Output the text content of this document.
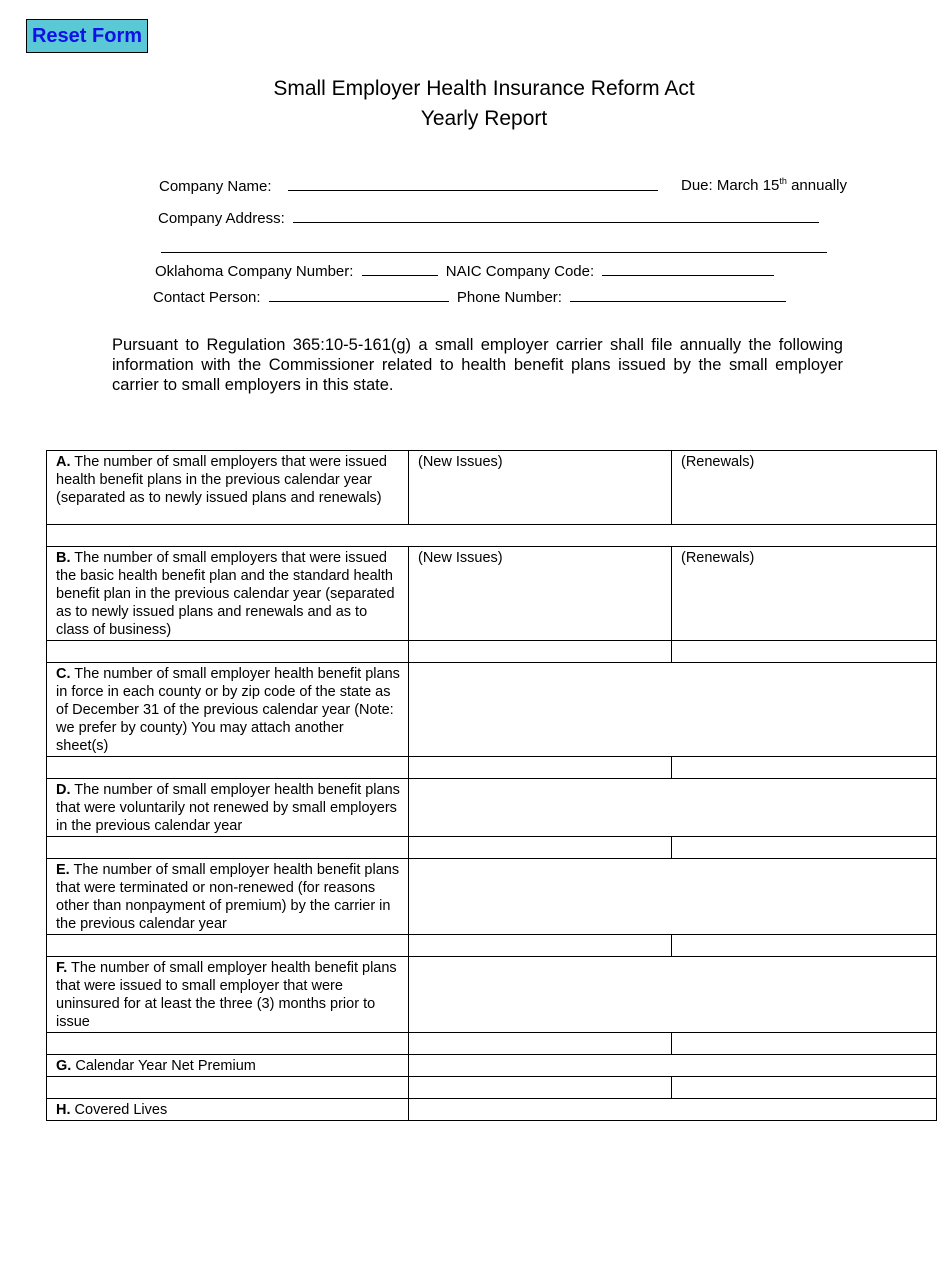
Reset Form
Small Employer Health Insurance Reform Act
Yearly Report
Company Name:	Due: March 15th annually
Company Address:
Oklahoma Company Number:	NAIC Company Code:
Contact Person:	Phone Number:
Pursuant to Regulation 365:10-5-161(g) a small employer carrier shall file annually the following information with the Commissioner related to health benefit plans issued by the small employer carrier to small employers in this state.
A. The number of small employers that were issued health benefit plans in the previous calendar year (separated as to newly issued plans and renewals)	(New Issues)	(Renewals)

B. The number of small employers that were issued the basic health benefit plan and the standard health benefit plan in the previous calendar year (separated as to newly issued plans and renewals and as to class of business)	(New Issues)	(Renewals)

C. The number of small employer health benefit plans in force in each county or by zip code of the state as of December 31 of the previous calendar year (Note: we prefer by county) You may attach another sheet(s)		

D. The number of small employer health benefit plans that were voluntarily not renewed by small employers in the previous calendar year		

E. The number of small employer health benefit plans that were terminated or non-renewed (for reasons other than nonpayment of premium) by the carrier in the previous calendar year		

F. The number of small employer health benefit plans that were issued to small employer that were uninsured for at least the three (3) months prior to issue		

G. Calendar Year Net Premium		

H. Covered Lives		
